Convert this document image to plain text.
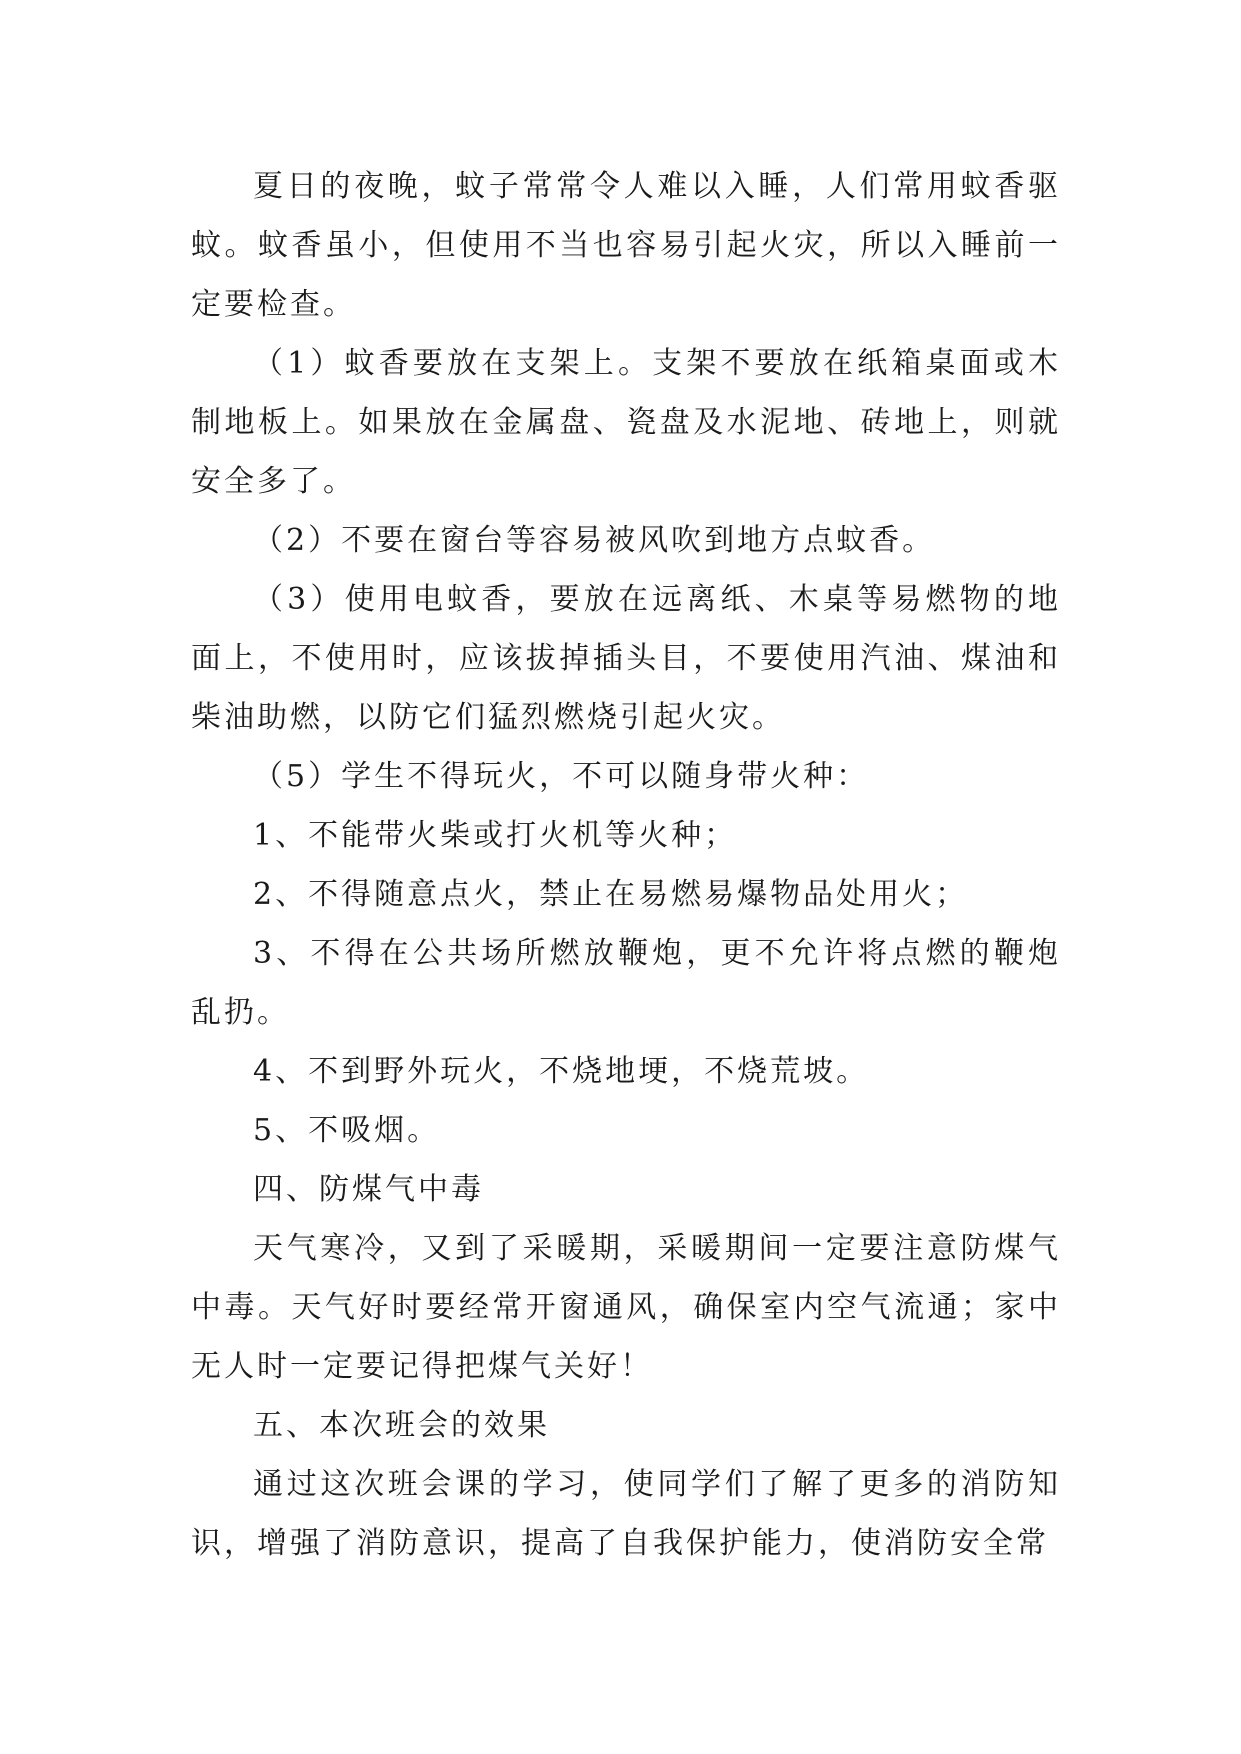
夏日的夜晚，蚊子常常令人难以入睡，人们常用蚊香驱蚊。蚊香虽小，但使用不当也容易引起火灾，所以入睡前一定要检查。

（1）蚊香要放在支架上。支架不要放在纸箱桌面或木制地板上。如果放在金属盘、瓷盘及水泥地、砖地上，则就安全多了。

（2）不要在窗台等容易被风吹到地方点蚊香。

（3）使用电蚊香，要放在远离纸、木桌等易燃物的地面上，不使用时，应该拔掉插头目，不要使用汽油、煤油和柴油助燃，以防它们猛烈燃烧引起火灾。

（5）学生不得玩火，不可以随身带火种：

1、不能带火柴或打火机等火种；

2、不得随意点火，禁止在易燃易爆物品处用火；

3、不得在公共场所燃放鞭炮，更不允许将点燃的鞭炮乱扔。

4、不到野外玩火，不烧地埂，不烧荒坡。

5、不吸烟。

四、防煤气中毒

天气寒冷，又到了采暖期，采暖期间一定要注意防煤气中毒。天气好时要经常开窗通风，确保室内空气流通；家中无人时一定要记得把煤气关好！

五、本次班会的效果

通过这次班会课的学习，使同学们了解了更多的消防知识，增强了消防意识，提高了自我保护能力，使消防安全常
